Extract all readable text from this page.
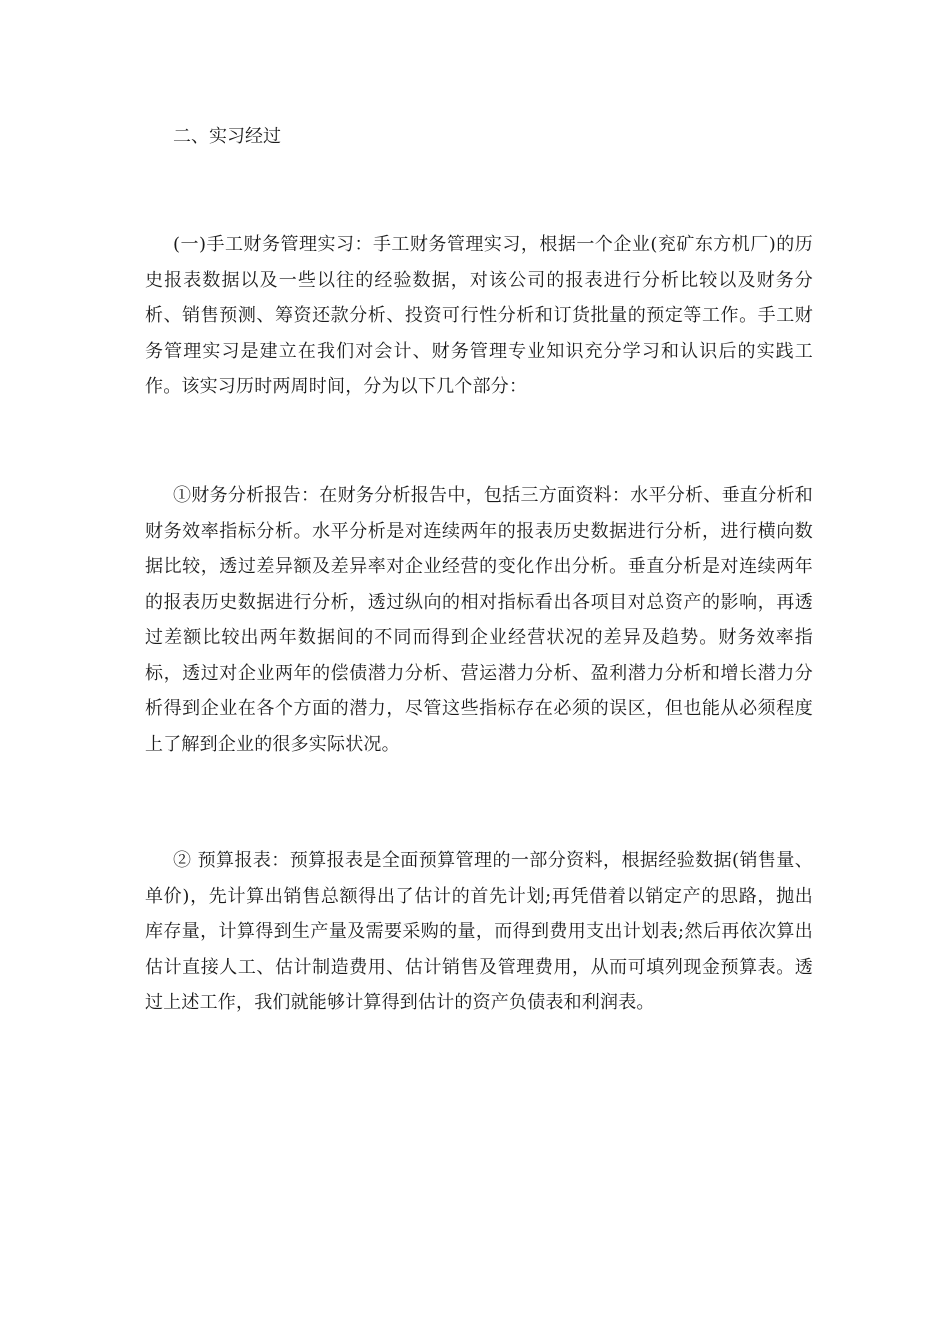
二、实习经过

(一)手工财务管理实习：手工财务管理实习，根据一个企业(兖矿东方机厂)的历史报表数据以及一些以往的经验数据，对该公司的报表进行分析比较以及财务分析、销售预测、筹资还款分析、投资可行性分析和订货批量的预定等工作。手工财务管理实习是建立在我们对会计、财务管理专业知识充分学习和认识后的实践工作。该实习历时两周时间，分为以下几个部分：

①财务分析报告：在财务分析报告中，包括三方面资料：水平分析、垂直分析和财务效率指标分析。水平分析是对连续两年的报表历史数据进行分析，进行横向数据比较，透过差异额及差异率对企业经营的变化作出分析。垂直分析是对连续两年的报表历史数据进行分析，透过纵向的相对指标看出各项目对总资产的影响，再透过差额比较出两年数据间的不同而得到企业经营状况的差异及趋势。财务效率指标，透过对企业两年的偿债潜力分析、营运潜力分析、盈利潜力分析和增长潜力分析得到企业在各个方面的潜力，尽管这些指标存在必须的误区，但也能从必须程度上了解到企业的很多实际状况。

② 预算报表：预算报表是全面预算管理的一部分资料，根据经验数据(销售量、单价)，先计算出销售总额得出了估计的首先计划;再凭借着以销定产的思路，抛出库存量，计算得到生产量及需要采购的量，而得到费用支出计划表;然后再依次算出估计直接人工、估计制造费用、估计销售及管理费用，从而可填列现金预算表。透过上述工作，我们就能够计算得到估计的资产负债表和利润表。
